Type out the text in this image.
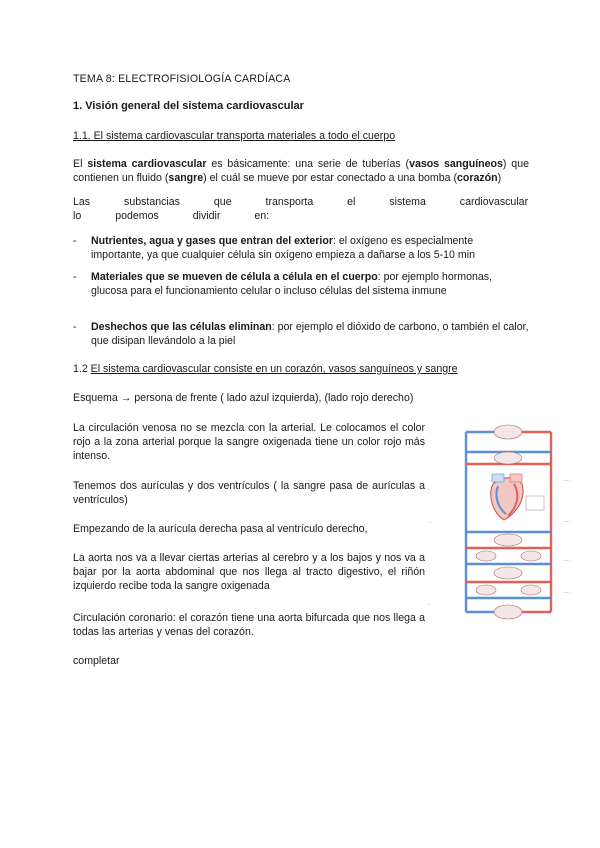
TEMA 8: ELECTROFISIOLOGÍA CARDÍACA
1. Visión general del sistema cardiovascular
1.1. El sistema cardiovascular transporta materiales a todo el cuerpo
El sistema cardiovascular es básicamente: una serie de tuberías (vasos sanguíneos) que contienen un fluido (sangre) el cuál se mueve por estar conectado a una bomba (corazón)
Las substancias que transporta el sistema cardiovascular lo podemos dividir en:
- Nutrientes, agua y gases que entran del exterior: el oxígeno es especialmente importante, ya que cualquier célula sin oxígeno empieza a dañarse a los 5-10 min
- Materiales que se mueven de célula a célula en el cuerpo: por ejemplo hormonas, glucosa para el funcionamiento celular o incluso células del sistema inmune
- Deshechos que las células eliminan: por ejemplo el dióxido de carbono, o también el calor, que disipan llevándolo a la piel
1.2 El sistema cardiovascular consiste en un corazón, vasos sanguíneos y sangre
Esquema → persona de frente ( lado azul izquierda), (lado rojo derecho)
La circulación venosa no se mezcla con la arterial. Le colocamos el color rojo a la zona arterial porque la sangre oxigenada tiene un color rojo más intenso.
Tenemos dos aurículas y dos ventrículos ( la sangre pasa de aurículas a ventrículos)
Empezando de la aurícula derecha pasa al ventrículo derecho,
La aorta nos va a llevar ciertas arterias al cerebro y a los bajos y nos va a bajar por la aorta abdominal que nos llega al tracto digestivo, el riñón izquierdo recibe toda la sangre oxigenada
Circulación coronario: el corazón tiene una aorta bifurcada que nos llega a todas las arterias y venas del corazón.
completar
·····
·····
·····
·····
··
··
··
